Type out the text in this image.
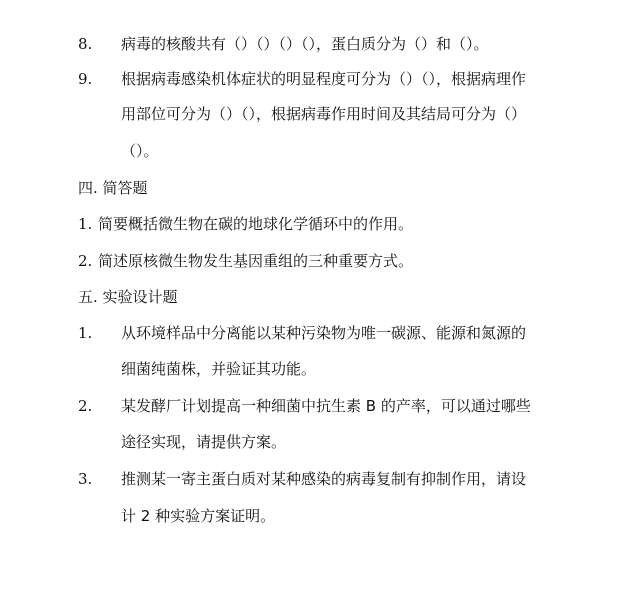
8. 病毒的核酸共有（）（）（）（），蛋白质分为（）和（）。
9. 根据病毒感染机体症状的明显程度可分为（）（），根据病理作
用部位可分为（）（），根据病毒作用时间及其结局可分为（）
（）。
四. 简答题
1. 简要概括微生物在碳的地球化学循环中的作用。
2. 简述原核微生物发生基因重组的三种重要方式。
五. 实验设计题
1. 从环境样品中分离能以某种污染物为唯一碳源、能源和氮源的
细菌纯菌株，并验证其功能。
2. 某发酵厂计划提高一种细菌中抗生素 B 的产率，可以通过哪些
途径实现，请提供方案。
3. 推测某一寄主蛋白质对某种感染的病毒复制有抑制作用，请设
计 2 种实验方案证明。
